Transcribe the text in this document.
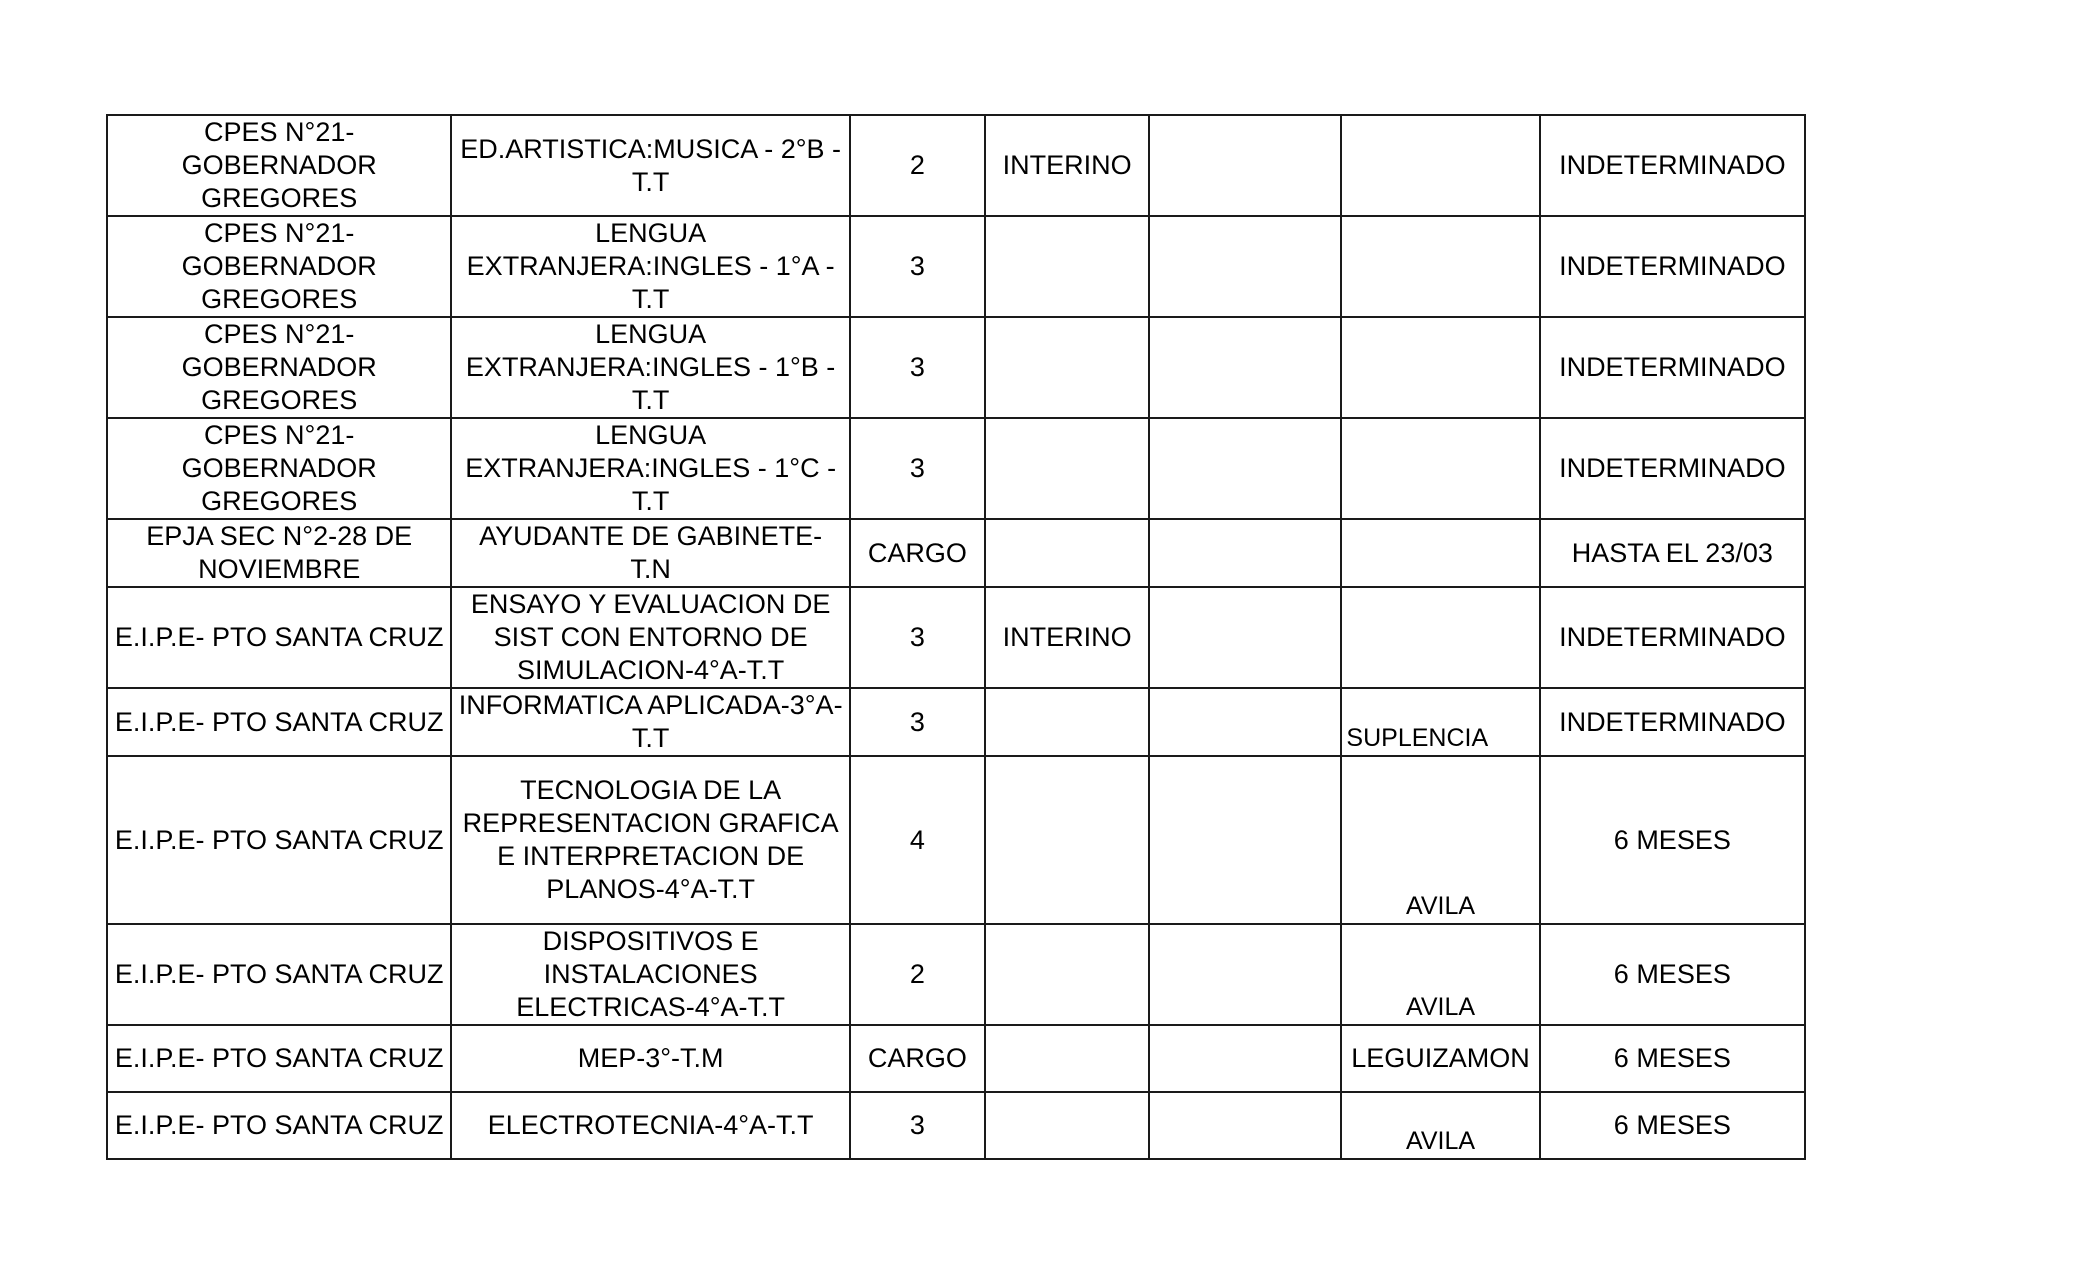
CPES N°21- GOBERNADOR GREGORES	ED.ARTISTICA:MUSICA - 2°B - T.T	2	INTERINO			INDETERMINADO
CPES N°21- GOBERNADOR GREGORES	LENGUA EXTRANJERA:INGLES - 1°A - T.T	3				INDETERMINADO
CPES N°21- GOBERNADOR GREGORES	LENGUA EXTRANJERA:INGLES - 1°B - T.T	3				INDETERMINADO
CPES N°21- GOBERNADOR GREGORES	LENGUA EXTRANJERA:INGLES - 1°C - T.T	3				INDETERMINADO
EPJA SEC N°2-28 DE NOVIEMBRE	AYUDANTE DE GABINETE- T.N	CARGO				HASTA EL 23/03
E.I.P.E- PTO SANTA CRUZ	ENSAYO Y EVALUACION DE SIST CON ENTORNO DE SIMULACION-4°A-T.T	3	INTERINO			INDETERMINADO
E.I.P.E- PTO SANTA CRUZ	INFORMATICA APLICADA-3°A-T.T	3			SUPLENCIA	INDETERMINADO
E.I.P.E- PTO SANTA CRUZ	TECNOLOGIA DE LA REPRESENTACION GRAFICA E INTERPRETACION DE PLANOS-4°A-T.T	4			AVILA	6 MESES
E.I.P.E- PTO SANTA CRUZ	DISPOSITIVOS E INSTALACIONES ELECTRICAS-4°A-T.T	2			AVILA	6 MESES
E.I.P.E- PTO SANTA CRUZ	MEP-3°-T.M	CARGO			LEGUIZAMON	6 MESES
E.I.P.E- PTO SANTA CRUZ	ELECTROTECNIA-4°A-T.T	3			AVILA	6 MESES
